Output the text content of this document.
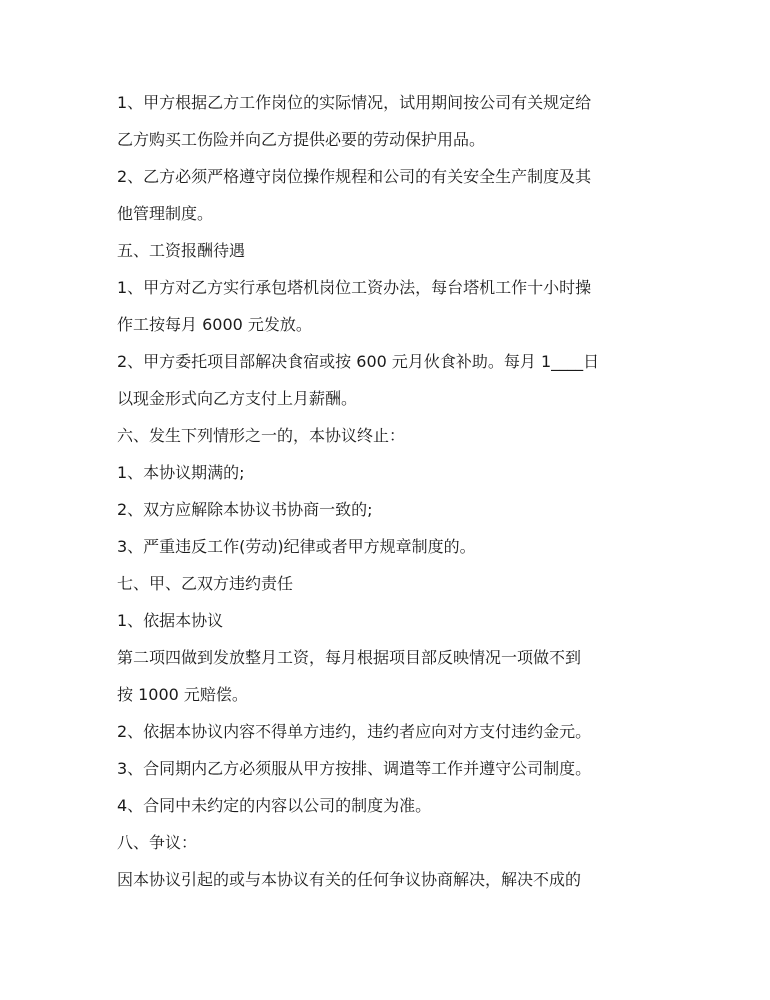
1、甲方根据乙方工作岗位的实际情况，试用期间按公司有关规定给

乙方购买工伤险并向乙方提供必要的劳动保护用品。

2、乙方必须严格遵守岗位操作规程和公司的有关安全生产制度及其

他管理制度。

五、工资报酬待遇

1、甲方对乙方实行承包塔机岗位工资办法，每台塔机工作十小时操

作工按每月 6000 元发放。

2、甲方委托项目部解决食宿或按 600 元月伙食补助。每月 1____日

以现金形式向乙方支付上月薪酬。

六、发生下列情形之一的，本协议终止：

1、本协议期满的;

2、双方应解除本协议书协商一致的;

3、严重违反工作(劳动)纪律或者甲方规章制度的。

七、甲、乙双方违约责任

1、依据本协议

第二项四做到发放整月工资，每月根据项目部反映情况一项做不到

按 1000 元赔偿。

2、依据本协议内容不得单方违约，违约者应向对方支付违约金元。

3、合同期内乙方必须服从甲方按排、调遣等工作并遵守公司制度。

4、合同中未约定的内容以公司的制度为准。

八、争议：

因本协议引起的或与本协议有关的任何争议协商解决，解决不成的
